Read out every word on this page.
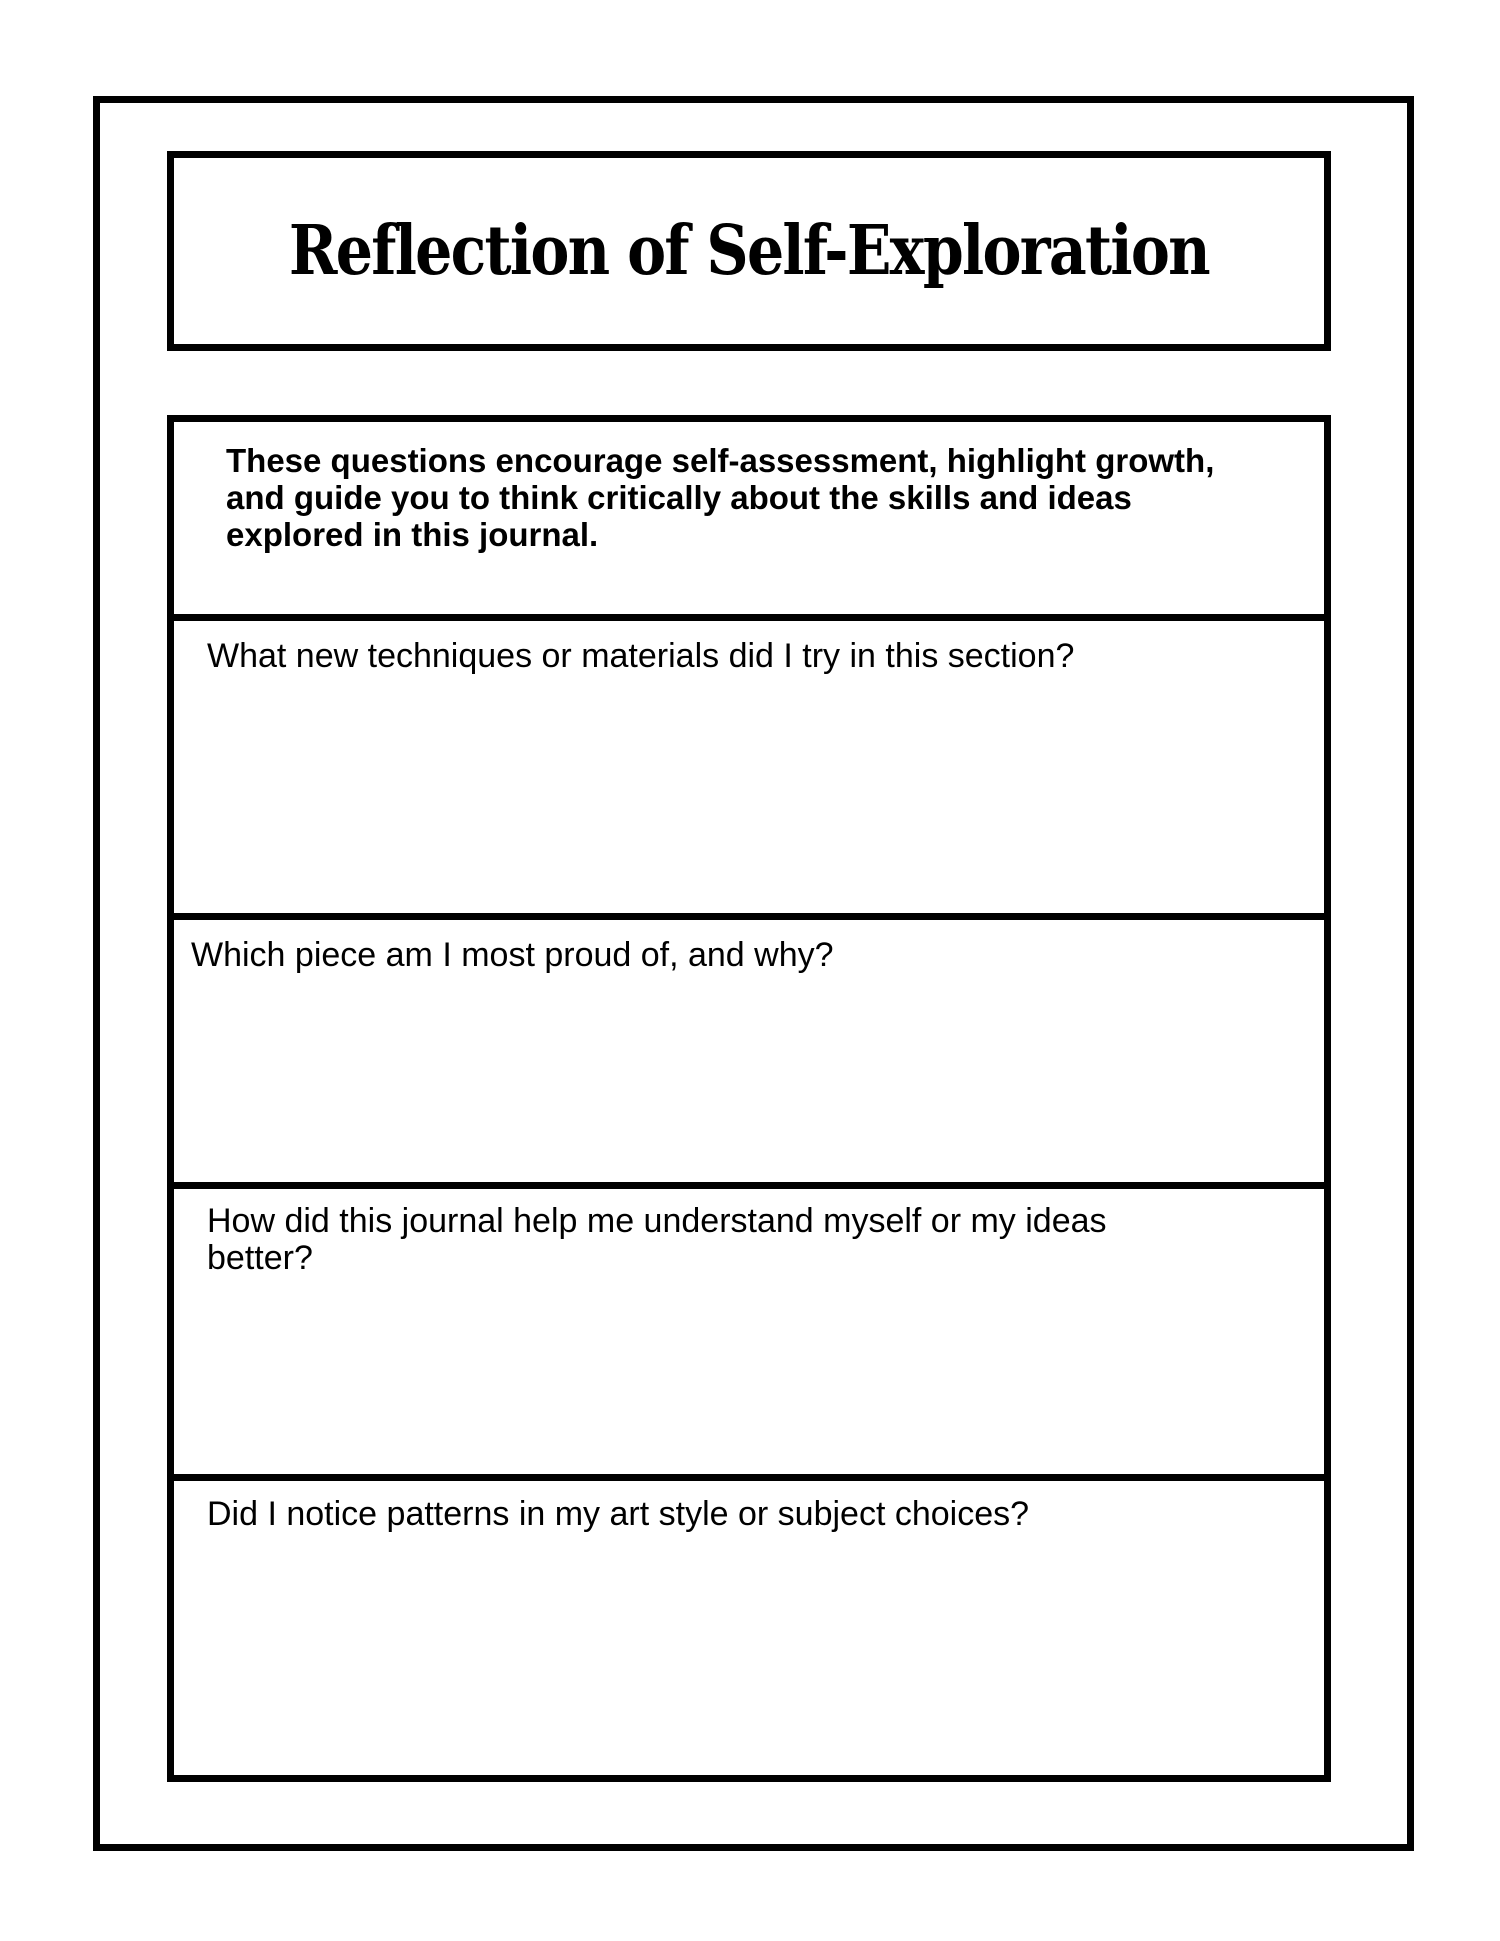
Reflection of Self-Exploration
These questions encourage self-assessment, highlight growth, and guide you to think critically about the skills and ideas explored in this journal.
What new techniques or materials did I try in this section?
Which piece am I most proud of, and why?
How did this journal help me understand myself or my ideas better?
Did I notice patterns in my art style or subject choices?
